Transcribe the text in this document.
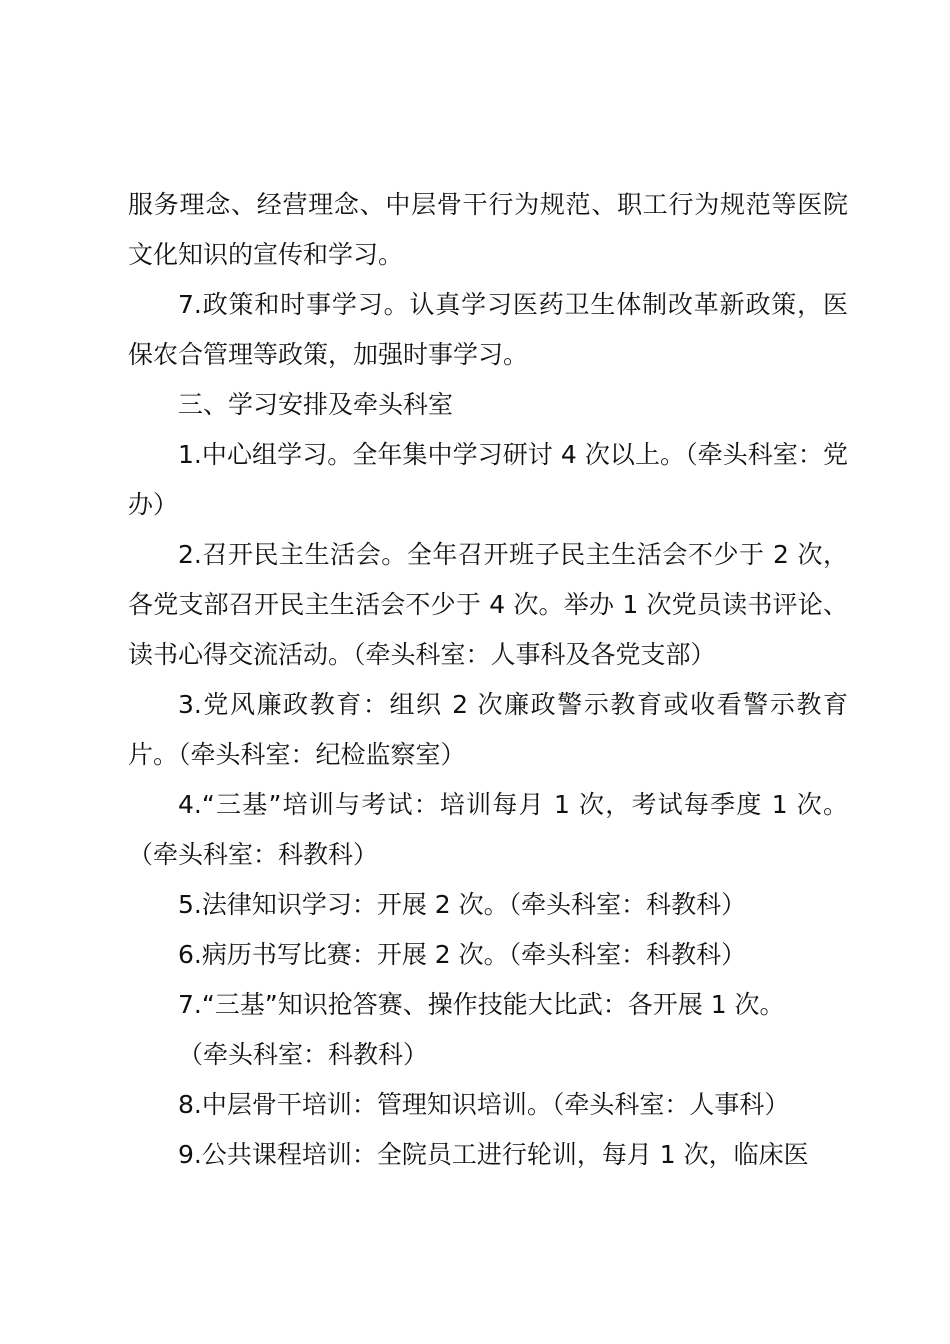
服务理念、经营理念、中层骨干行为规范、职工行为规范等医院文化知识的宣传和学习。

7.政策和时事学习。认真学习医药卫生体制改革新政策，医保农合管理等政策，加强时事学习。

三、学习安排及牵头科室

1.中心组学习。全年集中学习研讨 4 次以上。（牵头科室：党办）

2.召开民主生活会。全年召开班子民主生活会不少于 2 次，各党支部召开民主生活会不少于 4 次。举办 1 次党员读书评论、读书心得交流活动。（牵头科室：人事科及各党支部）

3.党风廉政教育：组织 2 次廉政警示教育或收看警示教育片。（牵头科室：纪检监察室）

4.“三基”培训与考试：培训每月 1 次，考试每季度 1 次。（牵头科室：科教科）

5.法律知识学习：开展 2 次。（牵头科室：科教科）

6.病历书写比赛：开展 2 次。（牵头科室：科教科）

7.“三基”知识抢答赛、操作技能大比武：各开展 1 次。

（牵头科室：科教科）

8.中层骨干培训：管理知识培训。（牵头科室：人事科）

9.公共课程培训：全院员工进行轮训，每月 1 次，临床医
